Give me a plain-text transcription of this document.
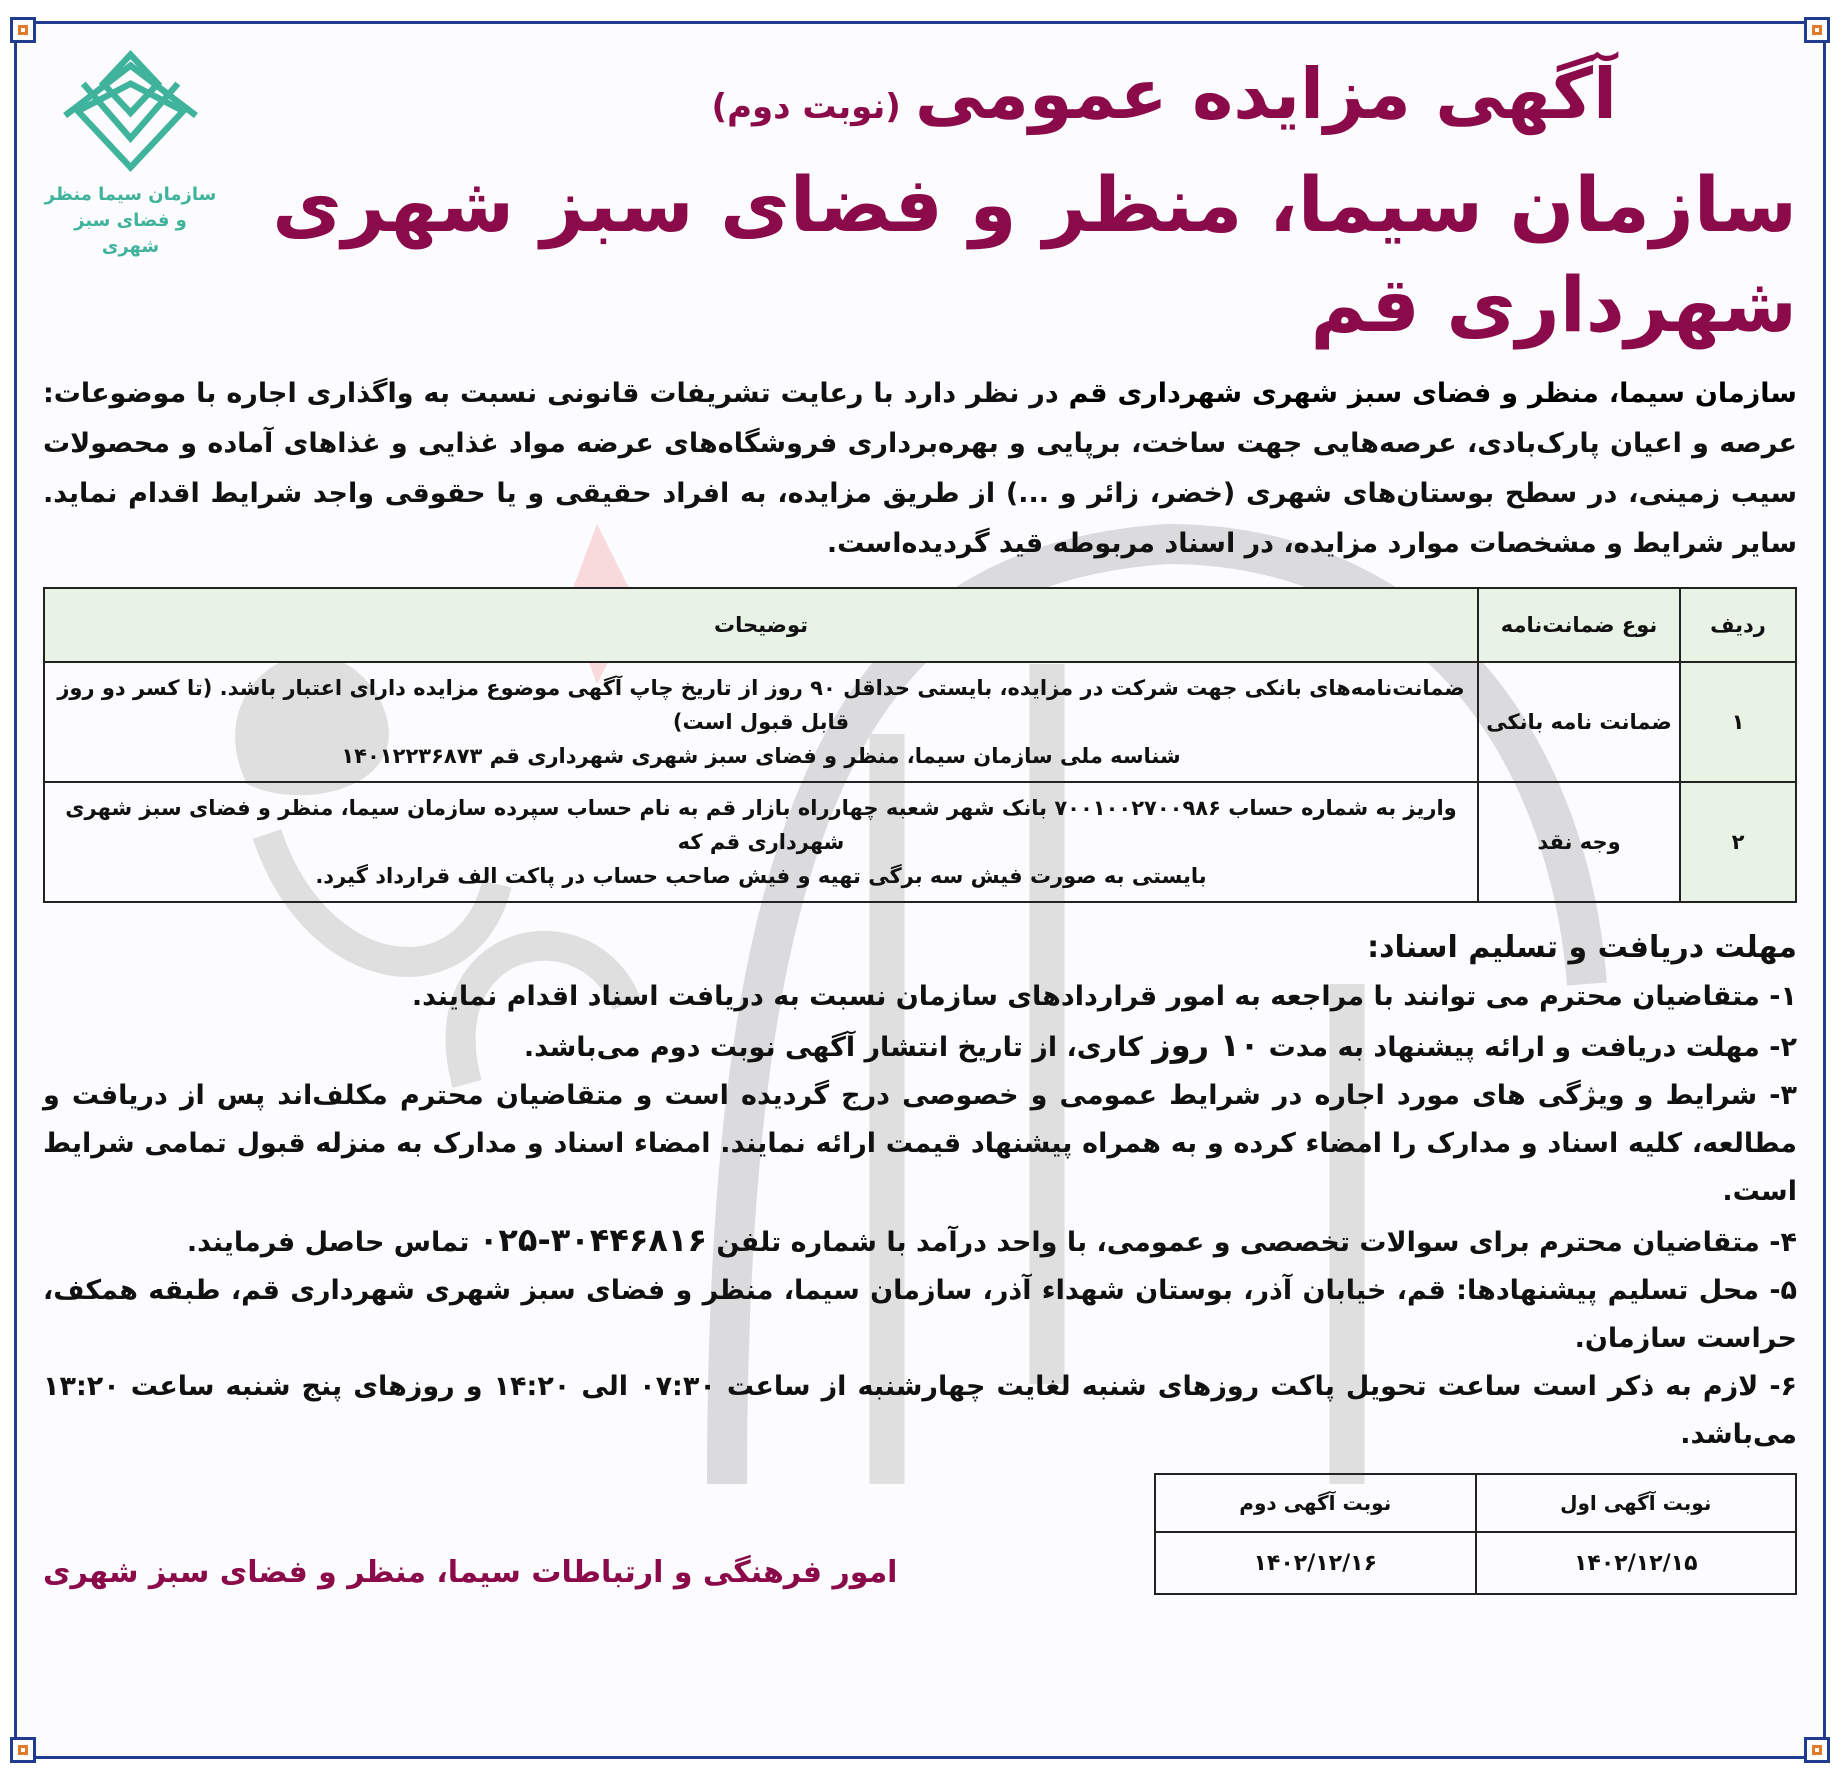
سازمان سیما منظر
و فضای سبز شهری
آگهی مزایده عمومی(نوبت دوم)
سازمان سیما، منظر و فضای سبز شهری شهرداری قم
سازمان سیما، منظر و فضای سبز شهری شهرداری قم در نظر دارد با رعایت تشریفات قانونی نسبت به واگذاری اجاره با موضوعات: عرصه و اعیان پارک‌بادی، عرصه‌هایی جهت ساخت، برپایی و بهره‌برداری فروشگاه‌های عرضه مواد غذایی و غذاهای آماده و محصولات سیب زمینی، در سطح بوستان‌های شهری (خضر، زائر و ...) از طریق مزایده، به افراد حقیقی و یا حقوقی واجد شرایط اقدام نماید. سایر شرایط و مشخصات موارد مزایده، در اسناد مربوطه قید گردیده‌است.
ردیف	نوع ضمانت‌نامه	توضیحات
۱	ضمانت نامه بانکی	ضمانت‌نامه‌های بانکی جهت شرکت در مزایده، بایستی حداقل ۹۰ روز از تاریخ چاپ آگهی موضوع مزایده دارای اعتبار باشد. (تا کسر دو روز قابل قبول است)
شناسه ملی سازمان سیما، منظر و فضای سبز شهری شهرداری قم ۱۴۰۱۲۲۳۶۸۷۳

۲	وجه نقد	واریز به شماره حساب ۷۰۰۱۰۰۲۷۰۰۹۸۶ بانک شهر شعبه چهارراه بازار قم به نام حساب سپرده سازمان سیما، منظر و فضای سبز شهری شهرداری قم که
بایستی به صورت فیش سه برگی تهیه و فیش صاحب حساب در پاکت الف قرارداد گیرد.
مهلت دریافت و تسلیم اسناد:

۱- متقاضیان محترم می توانند با مراجعه به امور قراردادهای سازمان نسبت به دریافت اسناد اقدام نمایند.

۲- مهلت دریافت و ارائه پیشنهاد به مدت ۱۰ روز کاری، از تاریخ انتشار آگهی نوبت دوم می‌باشد.

۳- شرایط و ویژگی های مورد اجاره در شرایط عمومی و خصوصی درج گردیده است و متقاضیان محترم مکلف‌اند پس از دریافت و مطالعه، کلیه اسناد و مدارک را امضاء کرده و به همراه پیشنهاد قیمت ارائه نمایند. امضاء اسناد و مدارک به منزله قبول تمامی شرایط است.

۴- متقاضیان محترم برای سوالات تخصصی و عمومی، با واحد درآمد با شماره تلفن ۰۲۵-۳۰۴۴۶۸۱۶ تماس حاصل فرمایند.

۵- محل تسلیم پیشنهادها: قم، خیابان آذر، بوستان شهداء آذر، سازمان سیما، منظر و فضای سبز شهری شهرداری قم، طبقه همکف، حراست سازمان.

۶- لازم به ذکر است ساعت تحویل پاکت روزهای شنبه لغایت چهارشنبه از ساعت ۰۷:۳۰ الی ۱۴:۲۰ و روزهای پنج شنبه ساعت ۱۳:۲۰ می‌باشد.

نوبت آگهی اول	نوبت آگهی دوم
۱۴۰۲/۱۲/۱۵	۱۴۰۲/۱۲/۱۶
امور فرهنگی و ارتباطات سیما، منظر و فضای سبز شهری
